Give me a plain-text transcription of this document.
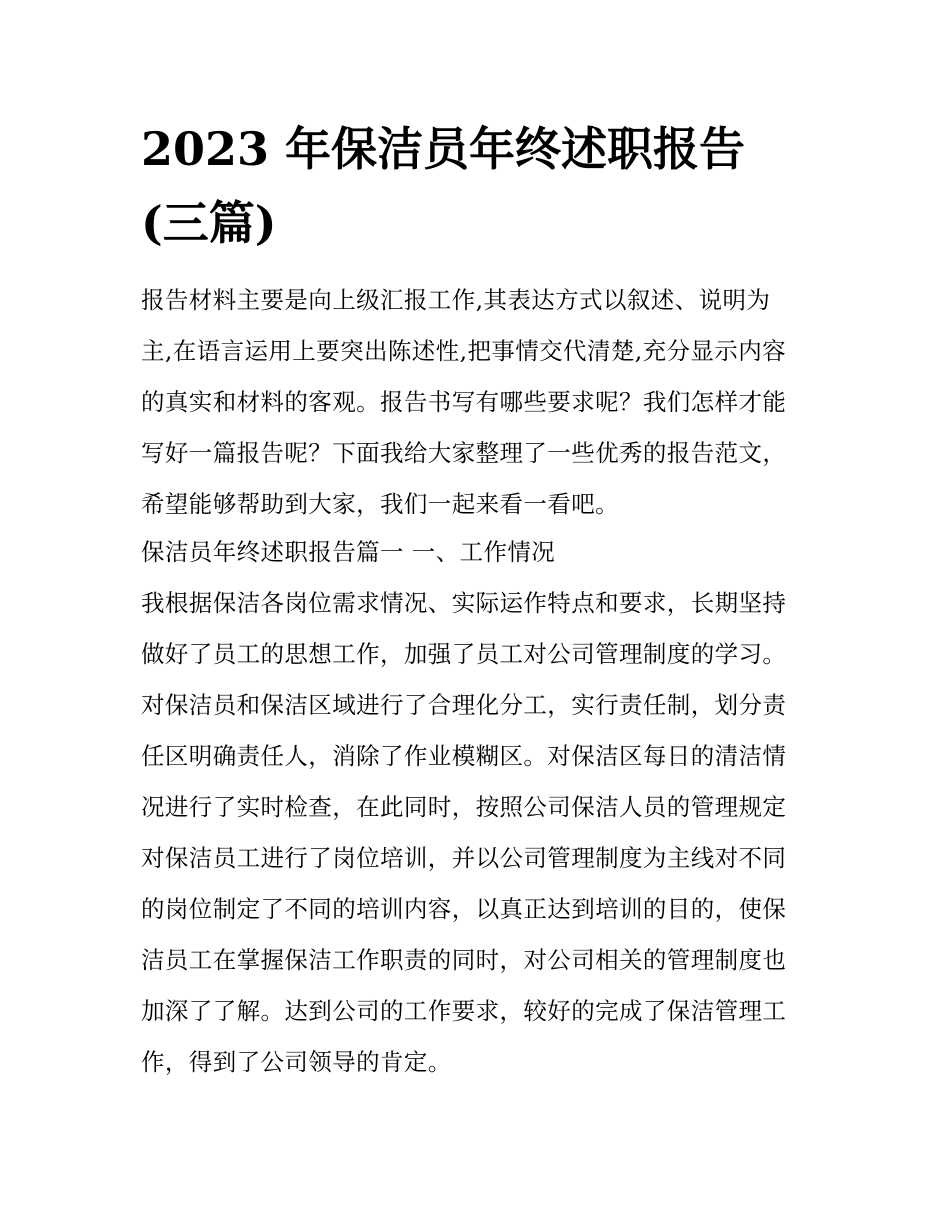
2023 年保洁员年终述职报告
(三篇)

报告材料主要是向上级汇报工作,其表达方式以叙述、说明为

主,在语言运用上要突出陈述性,把事情交代清楚,充分显示内容

的真实和材料的客观。报告书写有哪些要求呢？我们怎样才能

写好一篇报告呢？下面我给大家整理了一些优秀的报告范文，

希望能够帮助到大家，我们一起来看一看吧。

保洁员年终述职报告篇一 一、工作情况

我根据保洁各岗位需求情况、实际运作特点和要求，长期坚持

做好了员工的思想工作，加强了员工对公司管理制度的学习。

对保洁员和保洁区域进行了合理化分工，实行责任制，划分责

任区明确责任人，消除了作业模糊区。对保洁区每日的清洁情

况进行了实时检查，在此同时，按照公司保洁人员的管理规定

对保洁员工进行了岗位培训，并以公司管理制度为主线对不同

的岗位制定了不同的培训内容，以真正达到培训的目的，使保

洁员工在掌握保洁工作职责的同时，对公司相关的管理制度也

加深了了解。达到公司的工作要求，较好的完成了保洁管理工

作，得到了公司领导的肯定。
